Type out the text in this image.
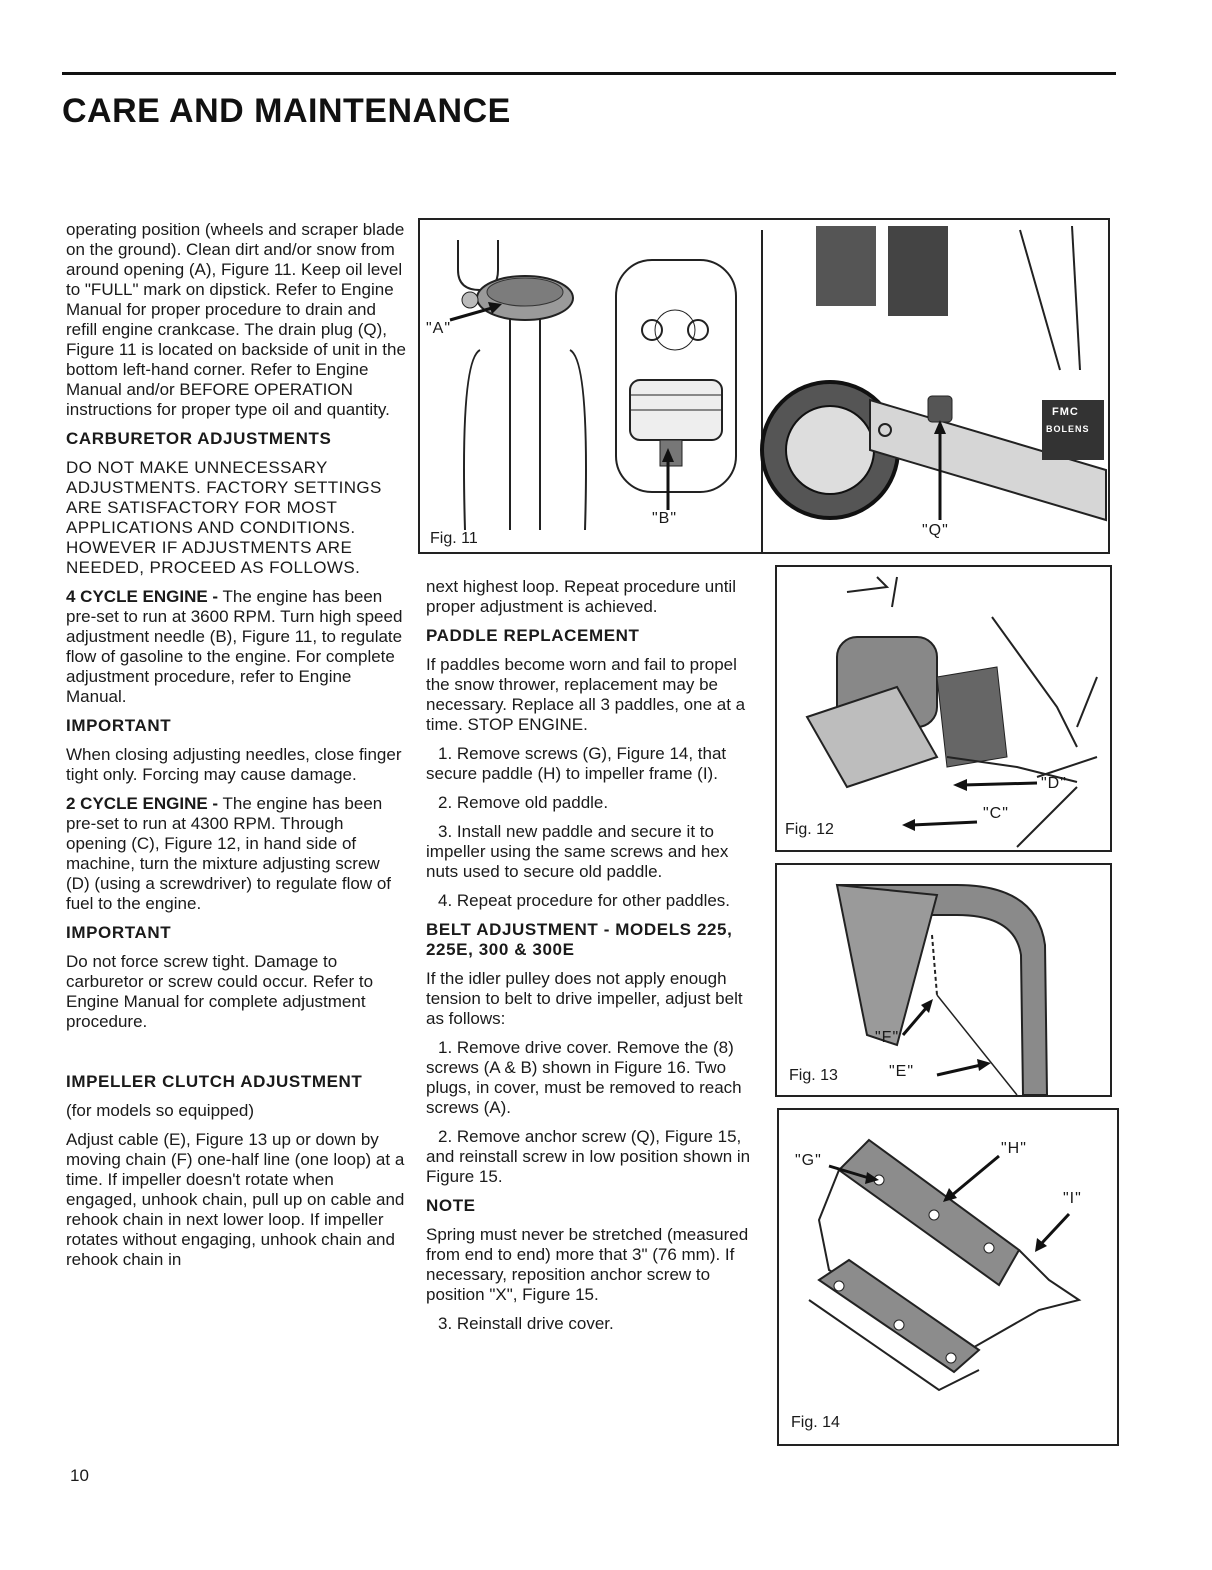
CARE AND MAINTENANCE

operating position (wheels and scraper blade on the ground). Clean dirt and/or snow from around opening (A), Figure 11. Keep oil level to "FULL" mark on dipstick. Refer to Engine Manual for proper procedure to drain and refill engine crankcase. The drain plug (Q), Figure 11 is located on backside of unit in the bottom left-hand corner. Refer to Engine Manual and/or BEFORE OPERATION instructions for proper type oil and quantity.

CARBURETOR ADJUSTMENTS

DO NOT MAKE UNNECESSARY ADJUSTMENTS. FACTORY SETTINGS ARE SATISFACTORY FOR MOST APPLICATIONS AND CONDITIONS. HOWEVER IF ADJUSTMENTS ARE NEEDED, PROCEED AS FOLLOWS.

4 CYCLE ENGINE - The engine has been pre-set to run at 3600 RPM. Turn high speed adjustment needle (B), Figure 11, to regulate flow of gasoline to the engine. For complete adjustment procedure, refer to Engine Manual.

IMPORTANT

When closing adjusting needles, close finger tight only. Forcing may cause damage.

2 CYCLE ENGINE - The engine has been pre-set to run at 4300 RPM. Through opening (C), Figure 12, in hand side of machine, turn the mixture adjusting screw (D) (using a screwdriver) to regulate flow of fuel to the engine.

IMPORTANT

Do not force screw tight. Damage to carburetor or screw could occur. Refer to Engine Manual for complete adjustment procedure.

IMPELLER CLUTCH ADJUSTMENT

(for models so equipped)

Adjust cable (E), Figure 13 up or down by moving chain (F) one-half line (one loop) at a time. If impeller doesn't rotate when engaged, unhook chain, pull up on cable and rehook chain in next lower loop. If impeller rotates without engaging, unhook chain and rehook chain in

10

next highest loop. Repeat procedure until proper adjustment is achieved.

PADDLE REPLACEMENT

If paddles become worn and fail to propel the snow thrower, replacement may be necessary. Replace all 3 paddles, one at a time. STOP ENGINE.

1. Remove screws (G), Figure 14, that secure paddle (H) to impeller frame (I).

2. Remove old paddle.

3. Install new paddle and secure it to impeller using the same screws and hex nuts used to secure old paddle.

4. Repeat procedure for other paddles.

BELT ADJUSTMENT - MODELS 225, 225E, 300 & 300E

If the idler pulley does not apply enough tension to belt to drive impeller, adjust belt as follows:

1. Remove drive cover. Remove the (8) screws (A & B) shown in Figure 16. Two plugs, in cover, must be removed to reach screws (A).

2. Remove anchor screw (Q), Figure 15, and reinstall screw in low position shown in Figure 15.

NOTE

Spring must never be stretched (measured from end to end) more that 3" (76 mm). If necessary, reposition anchor screw to position "X", Figure 15.

3. Reinstall drive cover.

"A"
"B"
"Q"
FMC
BOLENS
Fig. 11
"C"
"D"
Fig. 12
"F"
"E"
Fig. 13
"G"
"H"
"I"
Fig. 14
